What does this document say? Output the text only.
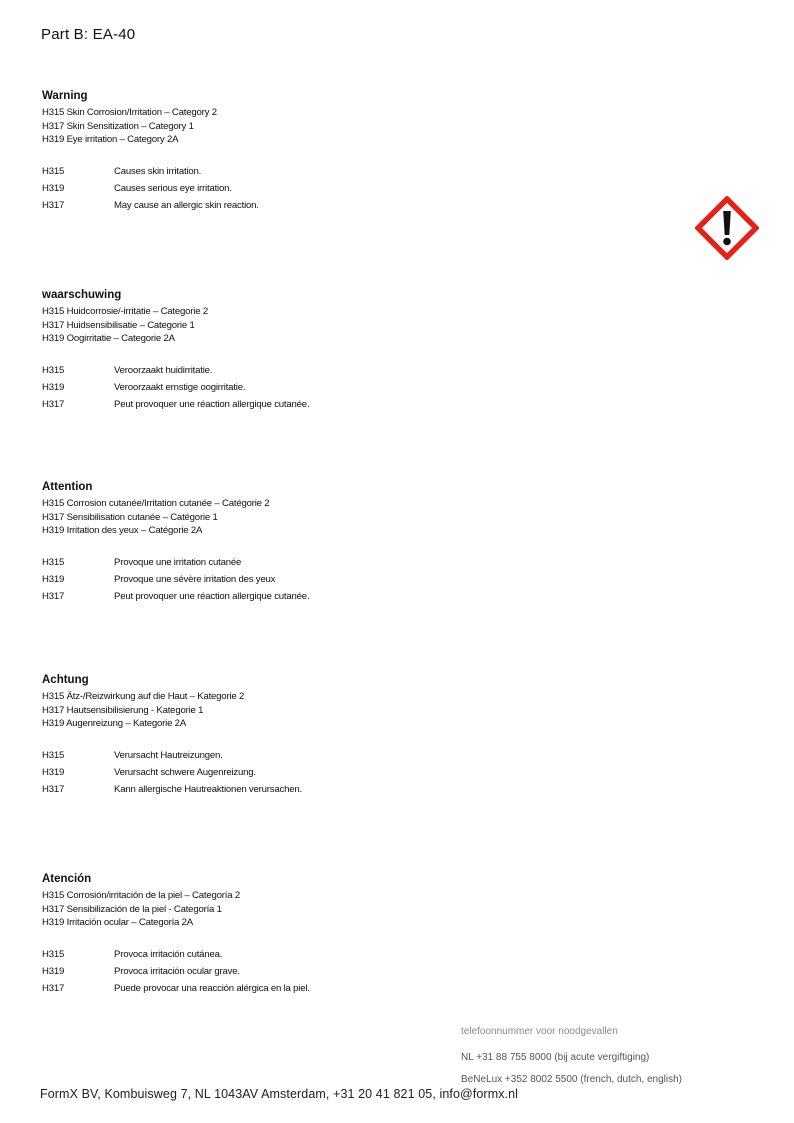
Part B: EA-40
Warning
H315 Skin Corrosion/Irritation – Category 2
H317 Skin Sensitization – Category 1
H319 Eye irritation – Category 2A
H315	Causes skin irritation.
H319	Causes serious eye irritation.
H317	May cause an allergic skin reaction.
waarschuwing
H315 Huidcorrosie/-irritatie – Categorie 2
H317 Huidsensibilisatie – Categorie 1
H319 Oogirritatie – Categorie 2A
H315	Veroorzaakt huidirritatie.
H319	Veroorzaakt ernstige oogirritatie.
H317	Peut provoquer une réaction allergique cutanée.
Attention
H315 Corrosion cutanée/Irritation cutanée – Catégorie 2
H317 Sensibilisation cutanée – Catégorie 1
H319 Irritation des yeux – Catégorie 2A
H315	Provoque une irritation cutanée
H319	Provoque une sévère irritation des yeux
H317	Peut provoquer une réaction allergique cutanée.
Achtung
H315 Ätz-/Reizwirkung auf die Haut – Kategorie 2
H317 Hautsensibilisierung - Kategorie 1
H319 Augenreizung – Kategorie 2A
H315	Verursacht Hautreizungen.
H319	Verursacht schwere Augenreizung.
H317	Kann allergische Hautreaktionen verursachen.
Atención
H315 Corrosión/irritación de la piel – Categoría 2
H317 Sensibilización de la piel - Categoría 1
H319 Irritación ocular – Categoría 2A
H315	Provoca irritación cutánea.
H319	Provoca irritación ocular grave.
H317	Puede provocar una reacción alérgica en la piel.
telefoonnummer voor noodgevallen
NL +31 88 755 8000 (bij acute vergiftiging)
BeNeLux +352 8002 5500 (french, dutch, english)
FormX BV, Kombuisweg 7, NL 1043AV Amsterdam, +31 20 41 821 05, info@formx.nl
